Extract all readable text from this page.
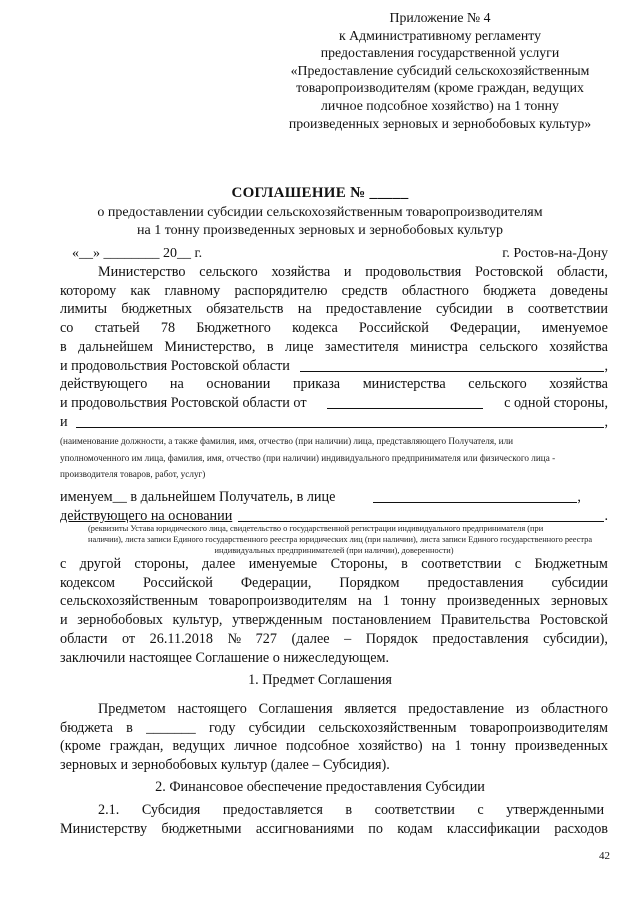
Приложение № 4
к Административному регламенту
предоставления государственной услуги
«Предоставление субсидий сельскохозяйственным
товаропроизводителям (кроме граждан, ведущих
личное подсобное хозяйство) на 1 тонну
произведенных зерновых и зернобобовых культур»
СОГЛАШЕНИЕ № _____
о предоставлении субсидии сельскохозяйственным товаропроизводителям
на 1 тонну произведенных зерновых и зернобобовых культур
«__» ________ 20__ г.	г. Ростов-на-Дону
Министерство сельского хозяйства и продовольствия Ростовской области,
которому как главному распорядителю средств областного бюджета доведены
лимиты бюджетных обязательств на предоставление субсидии в соответствии
со статьей 78 Бюджетного кодекса Российской Федерации, именуемое
в дальнейшем Министерство, в лице заместителя министра сельского хозяйства
и продовольствия Ростовской области	,
действующего на основании приказа министерства сельского хозяйства
и продовольствия Ростовской области от	с одной стороны,
и	,
(наименование должности, а также фамилия, имя, отчество (при наличии) лица, представляющего Получателя, или
уполномоченного им лица, фамилия, имя, отчество (при наличии) индивидуального предпринимателя или физического лица -
производителя товаров, работ, услуг)
именуем__ в дальнейшем Получатель, в лице	,
действующего на основании	.
(реквизиты Устава юридического лица, свидетельство о государственной регистрации индивидуального предпринимателя (при
наличии), листа записи Единого государственного реестра юридических лиц (при наличии), листа записи Единого государственного реестра
индивидуальных предпринимателей (при наличии), доверенности)
с другой стороны, далее именуемые Стороны, в соответствии с Бюджетным
кодексом Российской Федерации, Порядком предоставления субсидии
сельскохозяйственным товаропроизводителям на 1 тонну произведенных зерновых
и зернобобовых культур, утвержденным постановлением Правительства Ростовской
области от 26.11.2018 № 727 (далее – Порядок предоставления субсидии),
заключили настоящее Соглашение о нижеследующем.
1. Предмет Соглашения
Предметом настоящего Соглашения является предоставление из областного
бюджета в _______ году субсидии сельскохозяйственным товаропроизводителям
(кроме граждан, ведущих личное подсобное хозяйство) на 1 тонну произведенных
зерновых и зернобобовых культур (далее – Субсидия).
2. Финансовое обеспечение предоставления Субсидии
2.1. Субсидия предоставляется в соответствии с утвержденными
Министерству бюджетными ассигнованиями по кодам классификации расходов
42
